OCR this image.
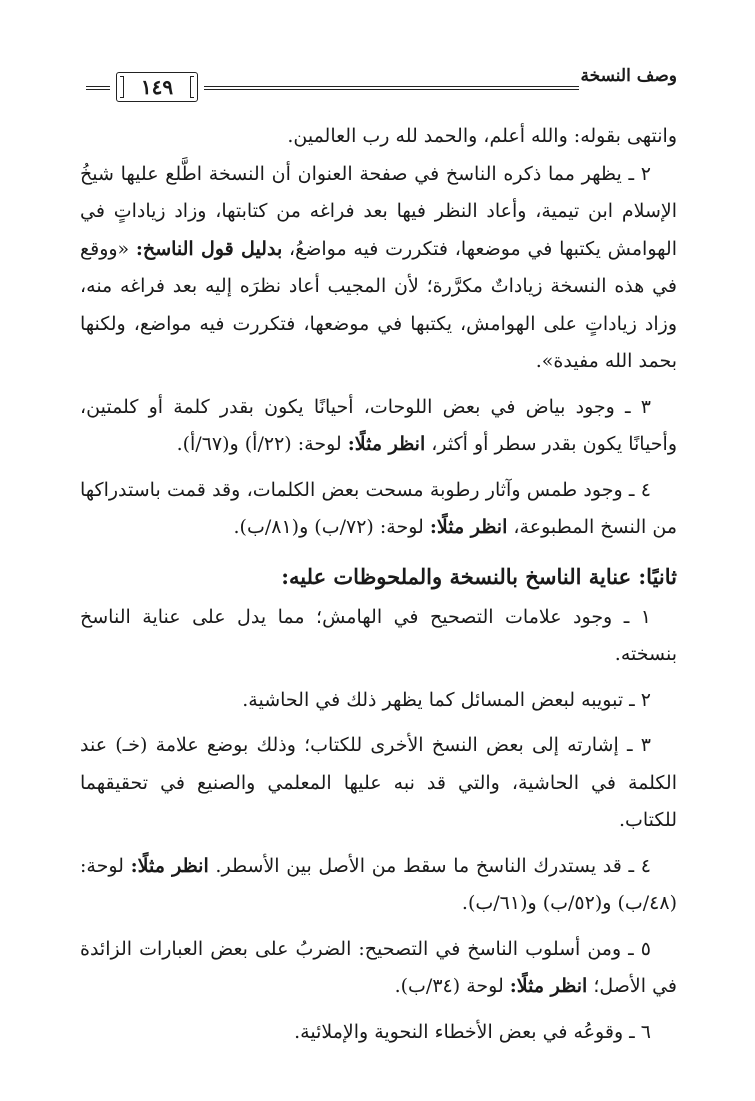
وصف النسخة
١٤٩

وانتهى بقوله: والله أعلم، والحمد لله رب العالمين.

٢ ـ يظهر مما ذكره الناسخ في صفحة العنوان أن النسخة اطَّلع عليها شيخُ الإسلام ابن تيمية، وأعاد النظر فيها بعد فراغه من كتابتها، وزاد زياداتٍ في الهوامش يكتبها في موضعها، فتكررت فيه مواضعُ، بدليل قول الناسخ: «ووقع في هذه النسخة زياداتٌ مكرَّرة؛ لأن المجيب أعاد نظرَه إليه بعد فراغه منه، وزاد زياداتٍ على الهوامش، يكتبها في موضعها، فتكررت فيه مواضع، ولكنها بحمد الله مفيدة».

٣ ـ وجود بياض في بعض اللوحات، أحيانًا يكون بقدر كلمة أو كلمتين، وأحيانًا يكون بقدر سطر أو أكثر، انظر مثلًا: لوحة: (٢٢/أ) و(٦٧/أ).

٤ ـ وجود طمس وآثار رطوبة مسحت بعض الكلمات، وقد قمت باستدراكها من النسخ المطبوعة، انظر مثلًا: لوحة: (٧٢/ب) و(٨١/ب).

ثانيًا: عناية الناسخ بالنسخة والملحوظات عليه:

١ ـ وجود علامات التصحيح في الهامش؛ مما يدل على عناية الناسخ بنسخته.

٢ ـ تبويبه لبعض المسائل كما يظهر ذلك في الحاشية.

٣ ـ إشارته إلى بعض النسخ الأخرى للكتاب؛ وذلك بوضع علامة (خـ) عند الكلمة في الحاشية، والتي قد نبه عليها المعلمي والصنيع في تحقيقهما للكتاب.

٤ ـ قد يستدرك الناسخ ما سقط من الأصل بين الأسطر. انظر مثلًا: لوحة: (٤٨/ب) و(٥٢/ب) و(٦١/ب).

٥ ـ ومن أسلوب الناسخ في التصحيح: الضربُ على بعض العبارات الزائدة في الأصل؛ انظر مثلًا: لوحة (٣٤/ب).

٦ ـ وقوعُه في بعض الأخطاء النحوية والإملائية.
